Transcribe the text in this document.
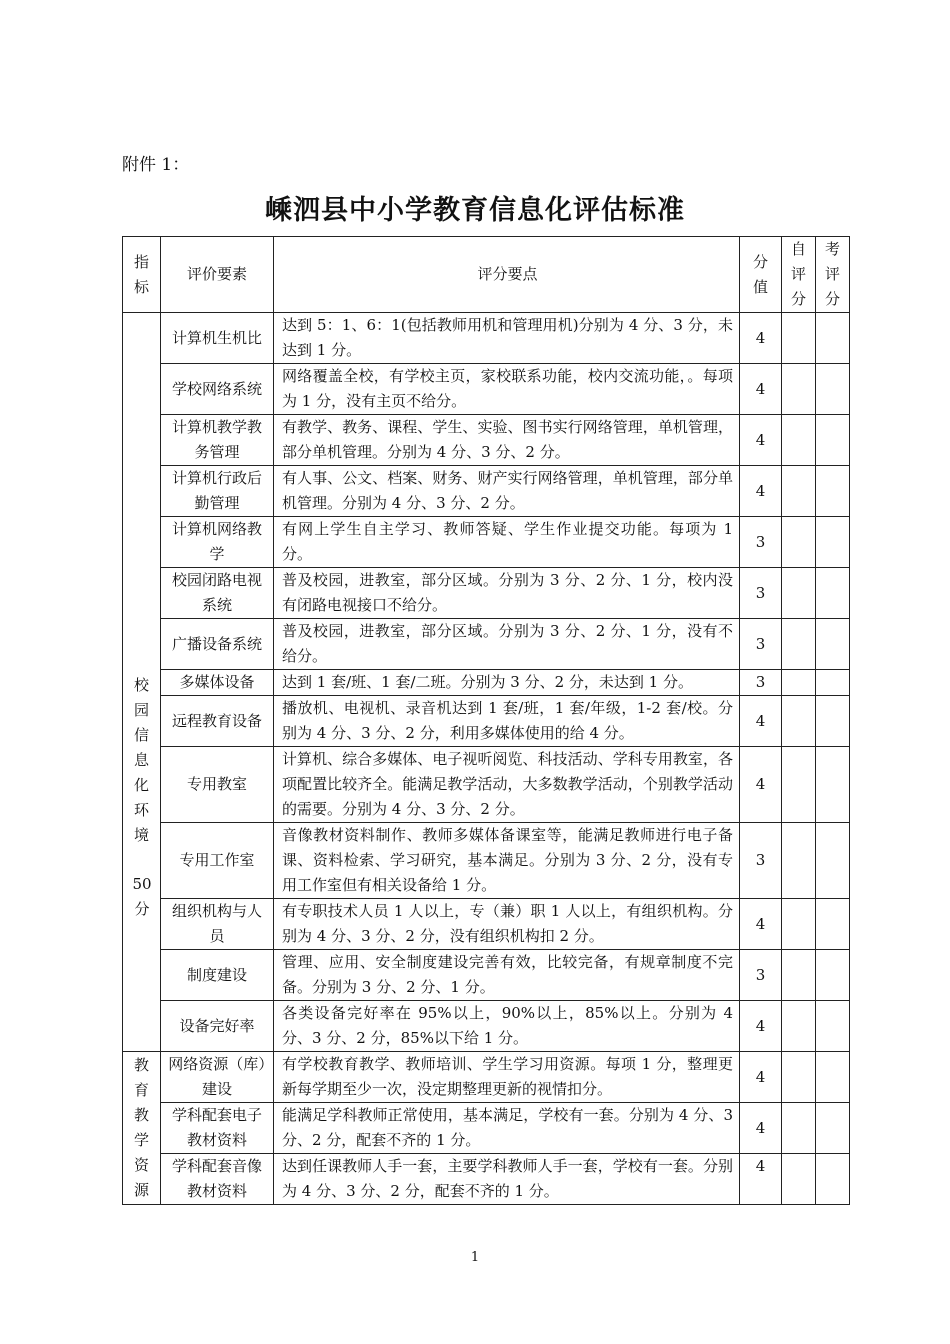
附件 1：
嵊泗县中小学教育信息化评估标准
指标	评价要素	评分要点	分值	自评分	考评分

校园信息化环境
50分	计算机生机比	达到 5：1、6：1(包括教师用机和管理用机)分别为 4 分、3 分，未达到 1 分。	4		
	学校网络系统	网络覆盖全校，有学校主页，家校联系功能，校内交流功能，。每项为 1 分，没有主页不给分。	4		
	计算机教学教务管理	有教学、教务、课程、学生、实验、图书实行网络管理，单机管理，部分单机管理。分别为 4 分、3 分、2 分。	4		
	计算机行政后勤管理	有人事、公文、档案、财务、财产实行网络管理，单机管理，部分单机管理。分别为 4 分、3 分、2 分。	4		
	计算机网络教学	有网上学生自主学习、教师答疑、学生作业提交功能。每项为 1 分。	3		
	校园闭路电视系统	普及校园，进教室，部分区域。分别为 3 分、2 分、1 分，校内没有闭路电视接口不给分。	3		
	广播设备系统	普及校园，进教室，部分区域。分别为 3 分、2 分、1 分，没有不给分。	3		
	多媒体设备	达到 1 套/班、1 套/二班。分别为 3 分、2 分，未达到 1 分。	3		
	远程教育设备	播放机、电视机、录音机达到 1 套/班，1 套/年级，1-2 套/校。分别为 4 分、3 分、2 分，利用多媒体使用的给 4 分。	4		
	专用教室	计算机、综合多媒体、电子视听阅览、科技活动、学科专用教室，各项配置比较齐全。能满足教学活动，大多数教学活动，个别教学活动的需要。分别为 4 分、3 分、2 分。	4		
	专用工作室	音像教材资料制作、教师多媒体备课室等，能满足教师进行电子备课、资料检索、学习研究，基本满足。分别为 3 分、2 分，没有专用工作室但有相关设备给 1 分。	3		
	组织机构与人员	有专职技术人员 1 人以上，专（兼）职 1 人以上，有组织机构。分别为 4 分、3 分、2 分，没有组织机构扣 2 分。	4		
	制度建设	管理、应用、安全制度建设完善有效，比较完备，有规章制度不完备。分别为 3 分、2 分、1 分。	3		
	设备完好率	各类设备完好率在 95%以上，90%以上，85%以上。分别为 4 分、3 分、2 分，85%以下给 1 分。	4		

教育教学资源	网络资源（库）建设	有学校教育教学、教师培训、学生学习用资源。每项 1 分，整理更新每学期至少一次，没定期整理更新的视情扣分。	4		
	学科配套电子教材资料	能满足学科教师正常使用，基本满足，学校有一套。分别为 4 分、3 分、2 分，配套不齐的 1 分。	4		
	学科配套音像教材资料	达到任课教师人手一套，主要学科教师人手一套，学校有一套。分别为 4 分、3 分、2 分，配套不齐的 1 分。	4		
1
